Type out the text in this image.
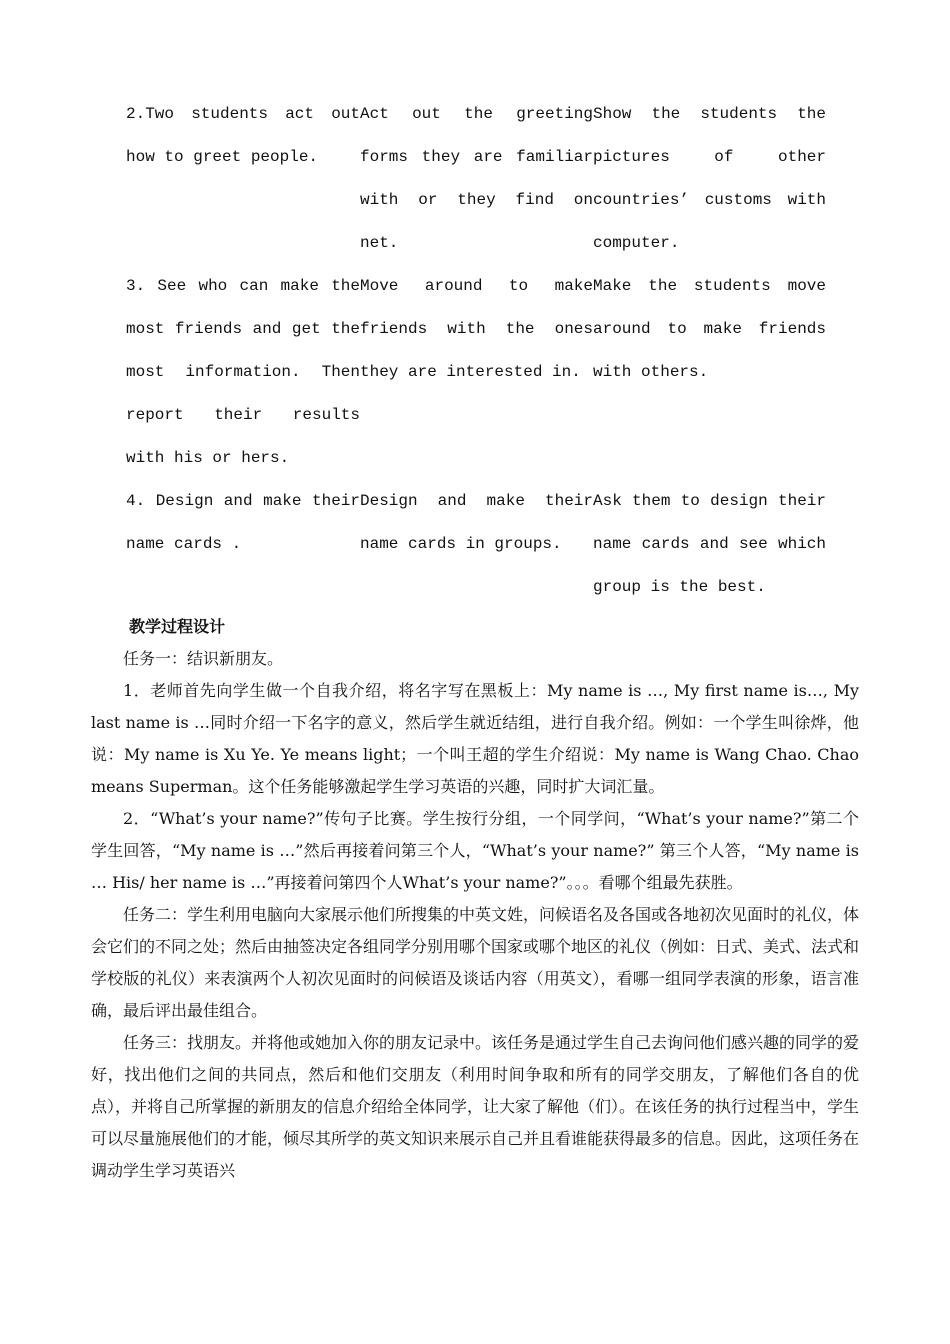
2.Two students act out how to greet people.
Act out the greeting forms they are familiar with or they find on net.
Show the students the pictures of other countries’ customs with computer.
3. See who can make the most friends and get the most information. Then report their results with his or hers.
Move around to make friends with the ones they are interested in.
Make the students move around to make friends with others.
4. Design and make their name cards .
Design and make their name cards in groups.
Ask them to design their name cards and see which group is the best.
教学过程设计

任务一：结识新朋友。

1．老师首先向学生做一个自我介绍，将名字写在黑板上：My name is …, My first name is…, My last name is …同时介绍一下名字的意义，然后学生就近结组，进行自我介绍。例如：一个学生叫徐烨，他说：My name is Xu Ye. Ye means light；一个叫王超的学生介绍说：My name is Wang Chao. Chao means Superman。这个任务能够激起学生学习英语的兴趣，同时扩大词汇量。

2．“What’s your name?”传句子比赛。学生按行分组，一个同学问，“What’s your name?”第二个学生回答，“My name is …”然后再接着问第三个人，“What’s your name?” 第三个人答，“My name is … His/ her name is …”再接着问第四个人What’s your name?”。。。看哪个组最先获胜。

任务二：学生利用电脑向大家展示他们所搜集的中英文姓，问候语名及各国或各地初次见面时的礼仪，体会它们的不同之处；然后由抽签决定各组同学分别用哪个国家或哪个地区的礼仪（例如：日式、美式、法式和学校版的礼仪）来表演两个人初次见面时的问候语及谈话内容（用英文），看哪一组同学表演的形象，语言准确，最后评出最佳组合。

任务三：找朋友。并将他或她加入你的朋友记录中。该任务是通过学生自己去询问他们感兴趣的同学的爱好，找出他们之间的共同点，然后和他们交朋友（利用时间争取和所有的同学交朋友，了解他们各自的优点），并将自己所掌握的新朋友的信息介绍给全体同学，让大家了解他（们）。在该任务的执行过程当中，学生可以尽量施展他们的才能，倾尽其所学的英文知识来展示自己并且看谁能获得最多的信息。因此，这项任务在调动学生学习英语兴
